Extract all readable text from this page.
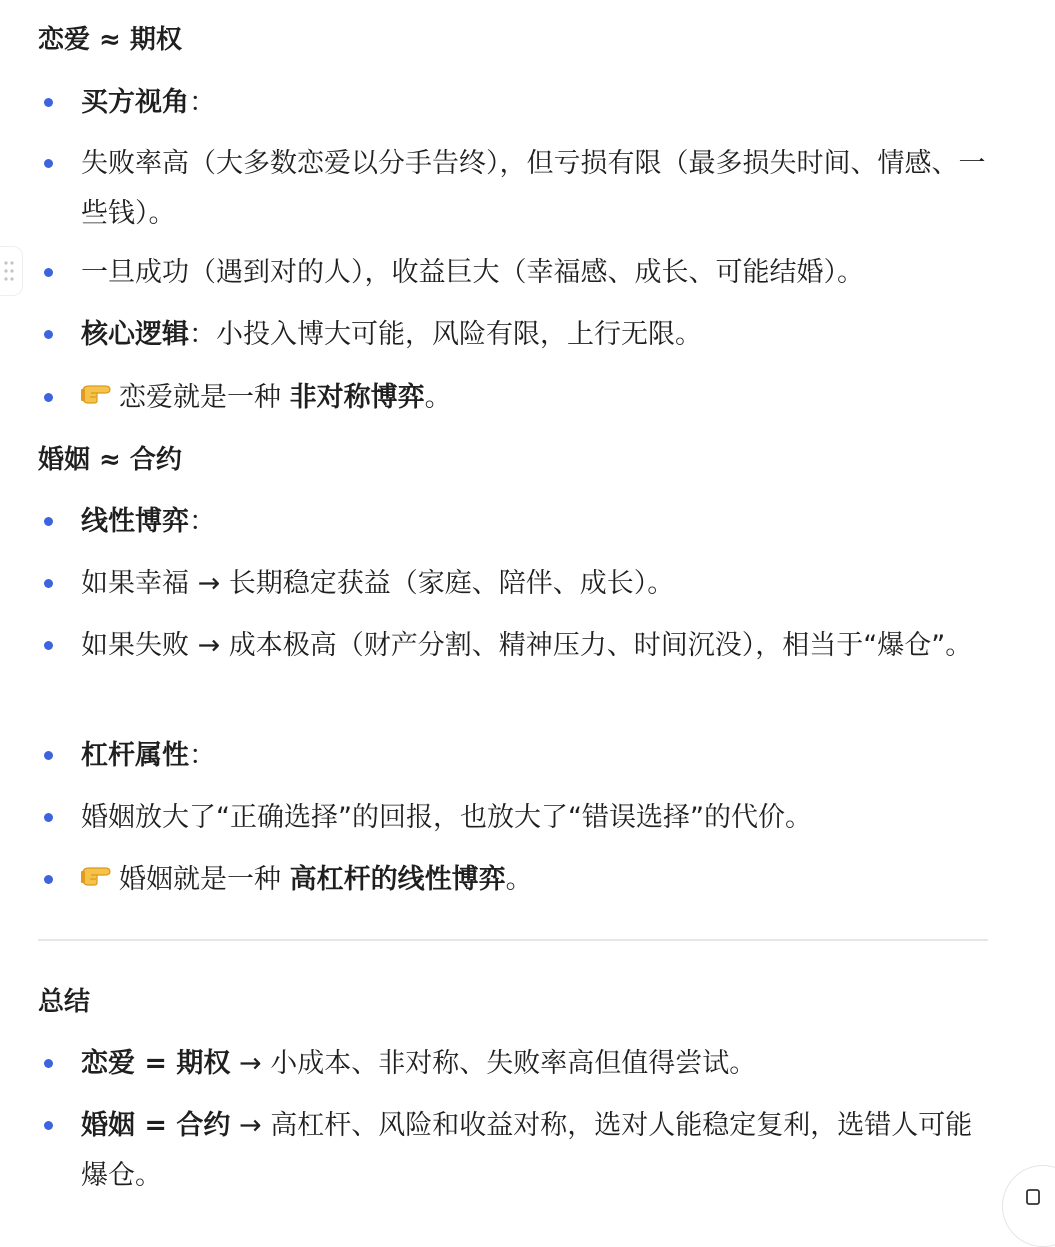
恋爱 ≈ 期权
买方视角：
失败率高（大多数恋爱以分手告终），但亏损有限（最多损失时间、情感、一些钱）。
一旦成功（遇到对的人），收益巨大（幸福感、成长、可能结婚）。
核心逻辑：小投入博大可能，风险有限，上行无限。
恋爱就是一种 非对称博弈。
婚姻 ≈ 合约
线性博弈：
如果幸福 → 长期稳定获益（家庭、陪伴、成长）。
如果失败 → 成本极高（财产分割、精神压力、时间沉没），相当于“爆仓”。
杠杆属性：
婚姻放大了“正确选择”的回报，也放大了“错误选择”的代价。
婚姻就是一种 高杠杆的线性博弈。
总结
恋爱 = 期权 → 小成本、非对称、失败率高但值得尝试。
婚姻 = 合约 → 高杠杆、风险和收益对称，选对人能稳定复利，选错人可能爆仓。
